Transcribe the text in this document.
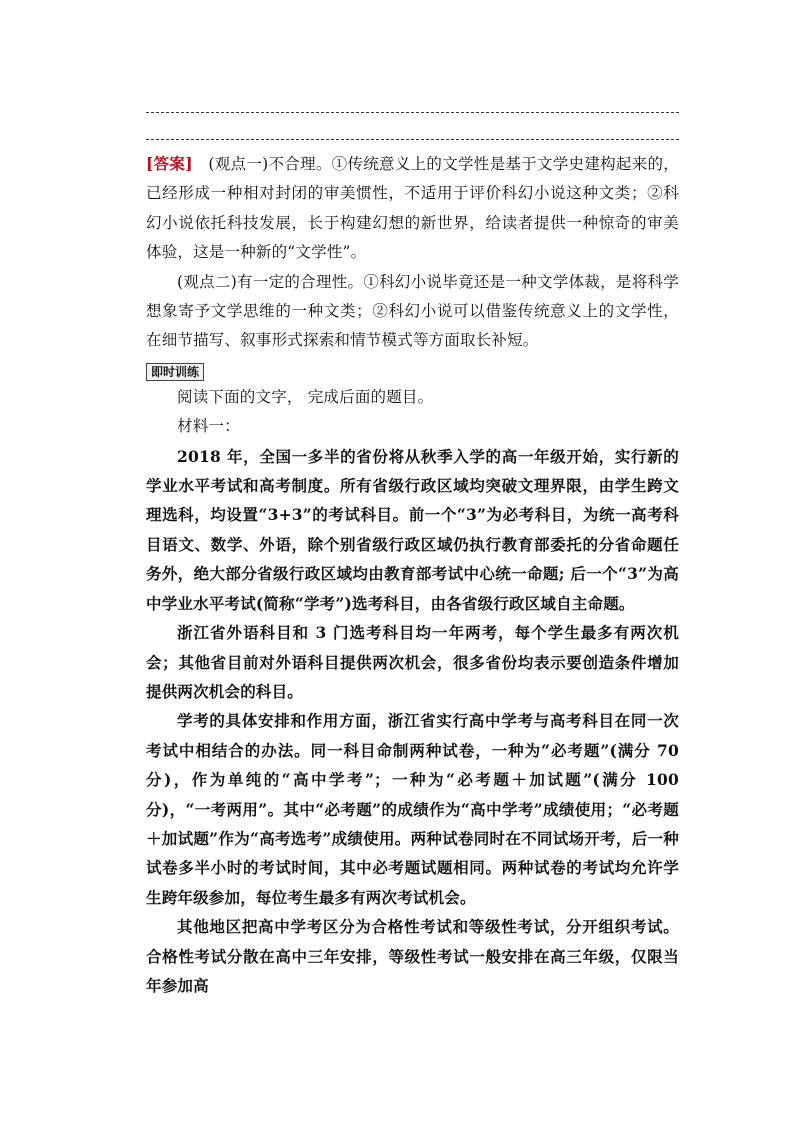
[答案] (观点一)不合理。①传统意义上的文学性是基于文学史建构起来的，已经形成一种相对封闭的审美惯性，不适用于评价科幻小说这种文类；②科幻小说依托科技发展，长于构建幻想的新世界，给读者提供一种惊奇的审美体验，这是一种新的“文学性”。

(观点二)有一定的合理性。①科幻小说毕竟还是一种文学体裁，是将科学想象寄予文学思维的一种文类；②科幻小说可以借鉴传统意义上的文学性，在细节描写、叙事形式探索和情节模式等方面取长补短。

即时训练

阅读下面的文字， 完成后面的题目。

材料一：

2018 年，全国一多半的省份将从秋季入学的高一年级开始，实行新的学业水平考试和高考制度。所有省级行政区域均突破文理界限，由学生跨文理选科，均设置“3+3”的考试科目。前一个“3”为必考科目，为统一高考科目语文、数学、外语，除个别省级行政区域仍执行教育部委托的分省命题任务外，绝大部分省级行政区域均由教育部考试中心统一命题; 后一个“3”为高中学业水平考试(简称“学考”)选考科目，由各省级行政区域自主命题。

浙江省外语科目和 3 门选考科目均一年两考，每个学生最多有两次机会；其他省目前对外语科目提供两次机会，很多省份均表示要创造条件增加提供两次机会的科目。

学考的具体安排和作用方面，浙江省实行高中学考与高考科目在同一次考试中相结合的办法。同一科目命制两种试卷，一种为“必考题”(满分 70 分)，作为单纯的“高中学考”；一种为“必考题＋加试题”(满分 100 分)，“一考两用”。其中“必考题”的成绩作为“高中学考”成绩使用；“必考题＋加试题”作为“高考选考”成绩使用。两种试卷同时在不同试场开考，后一种试卷多半小时的考试时间，其中必考题试题相同。两种试卷的考试均允许学生跨年级参加，每位考生最多有两次考试机会。

其他地区把高中学考区分为合格性考试和等级性考试，分开组织考试。合格性考试分散在高中三年安排，等级性考试一般安排在高三年级，仅限当年参加高
